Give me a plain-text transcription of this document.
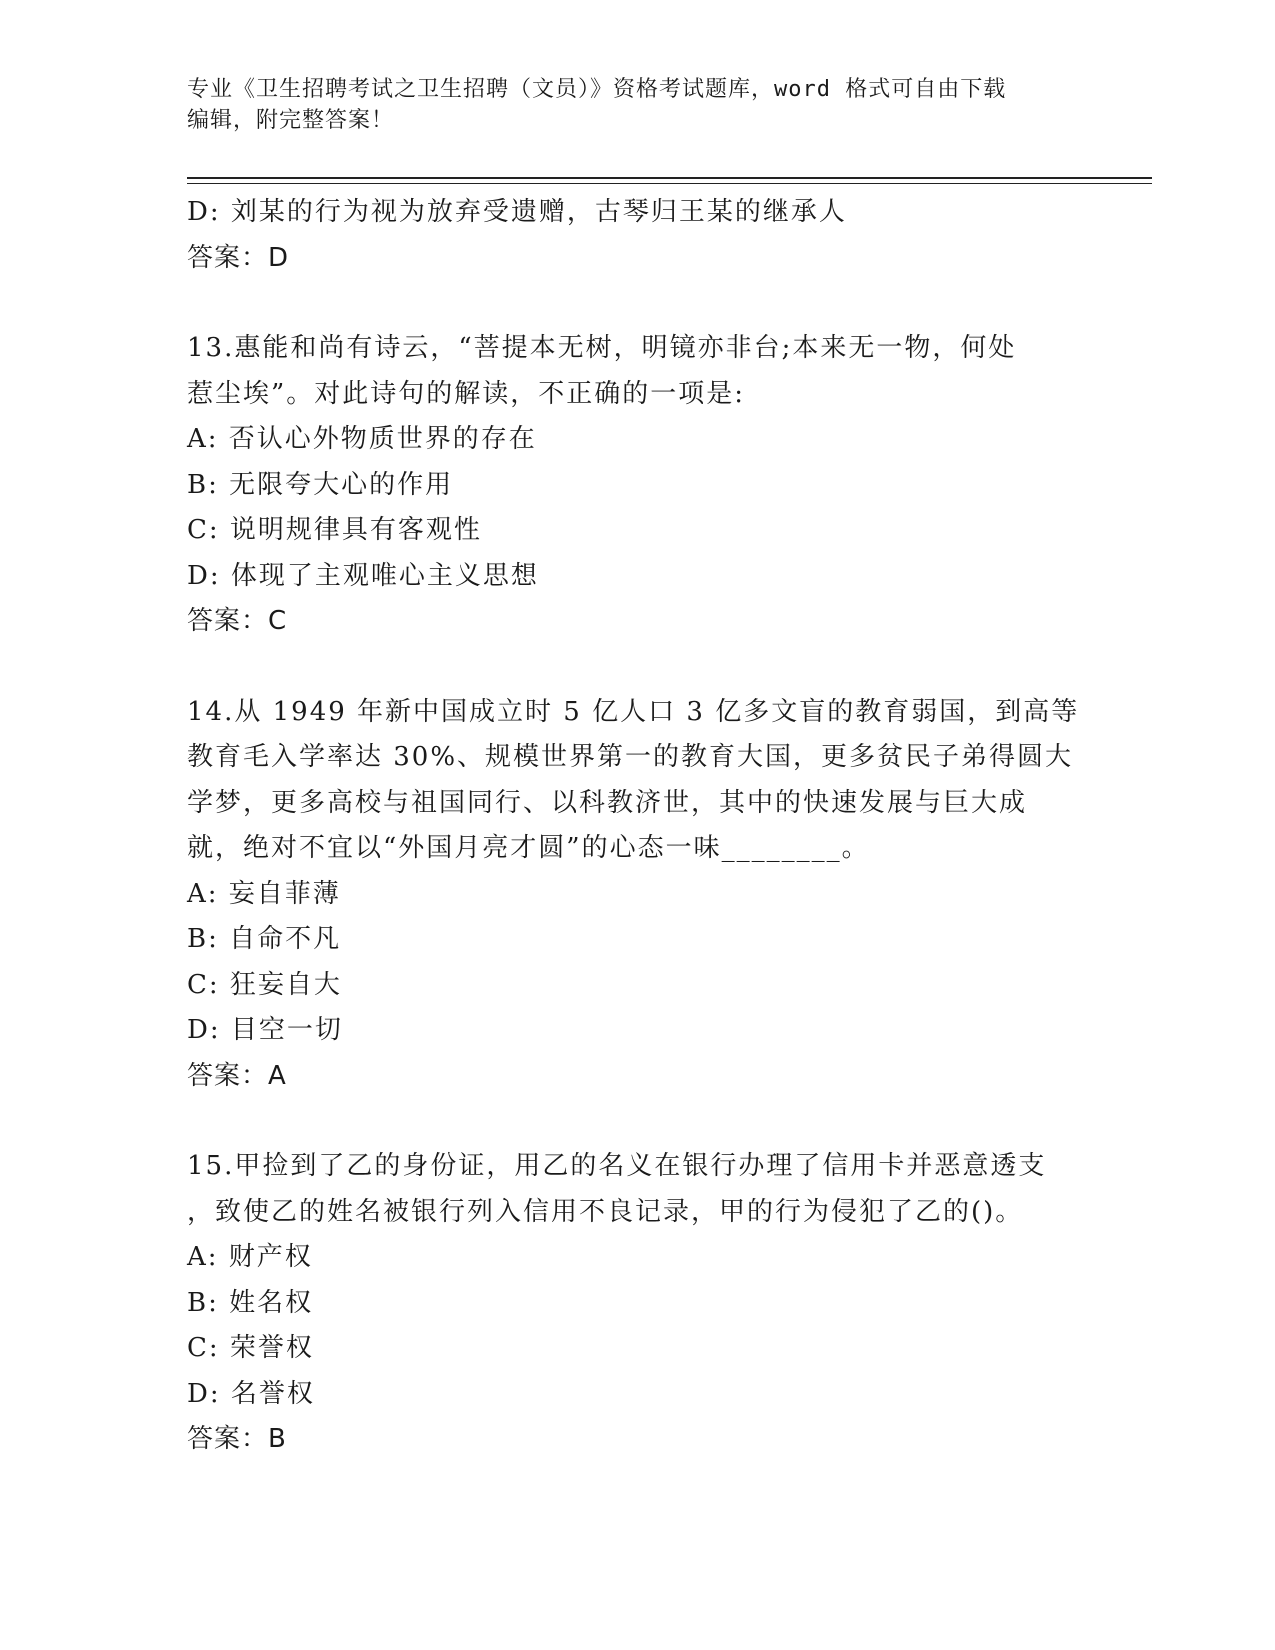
专业《卫生招聘考试之卫生招聘（文员）》资格考试题库，word 格式可自由下载
编辑，附完整答案！
D: 刘某的行为视为放弃受遗赠，古琴归王某的继承人
答案：D
13.惠能和尚有诗云，“菩提本无树，明镜亦非台;本来无一物，何处
惹尘埃”。对此诗句的解读，不正确的一项是:
A: 否认心外物质世界的存在
B: 无限夸大心的作用
C: 说明规律具有客观性
D: 体现了主观唯心主义思想
答案：C
14.从 1949 年新中国成立时 5 亿人口 3 亿多文盲的教育弱国，到高等
教育毛入学率达 30%、规模世界第一的教育大国，更多贫民子弟得圆大
学梦，更多高校与祖国同行、以科教济世，其中的快速发展与巨大成
就，绝对不宜以“外国月亮才圆”的心态一味________。
A: 妄自菲薄
B: 自命不凡
C: 狂妄自大
D: 目空一切
答案：A
15.甲捡到了乙的身份证，用乙的名义在银行办理了信用卡并恶意透支
，致使乙的姓名被银行列入信用不良记录，甲的行为侵犯了乙的()。
A: 财产权
B: 姓名权
C: 荣誉权
D: 名誉权
答案：B
